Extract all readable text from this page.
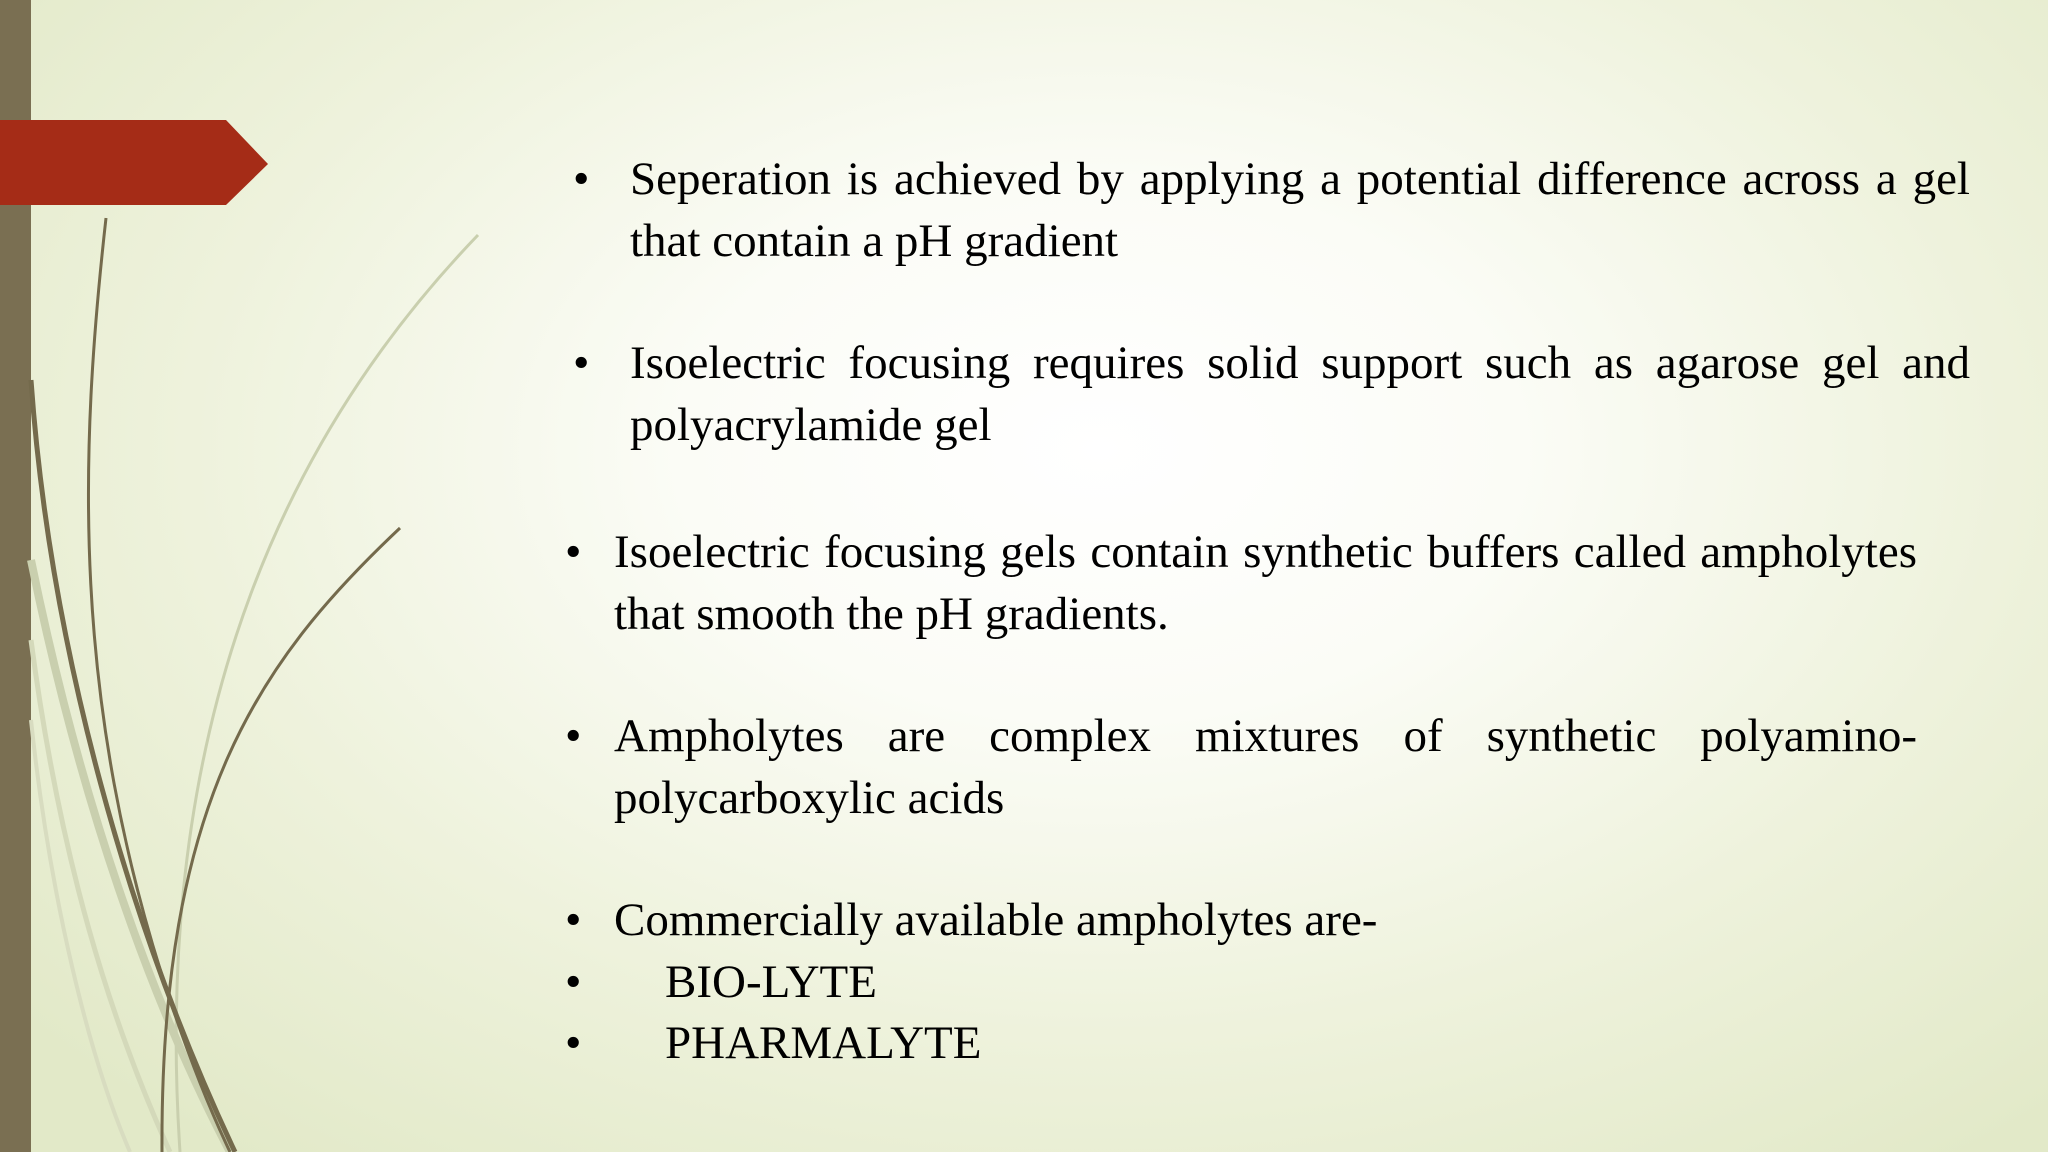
• Seperation is achieved by applying a potential difference across a gel that contain a pH gradient
• Isoelectric focusing requires solid support such as agarose gel and polyacrylamide gel
• Isoelectric focusing gels contain synthetic buffers called ampholytes that smooth the pH gradients.
• Ampholytes are complex mixtures of synthetic polyamino-polycarboxylic acids
• Commercially available ampholytes are-
• BIO-LYTE
• PHARMALYTE
